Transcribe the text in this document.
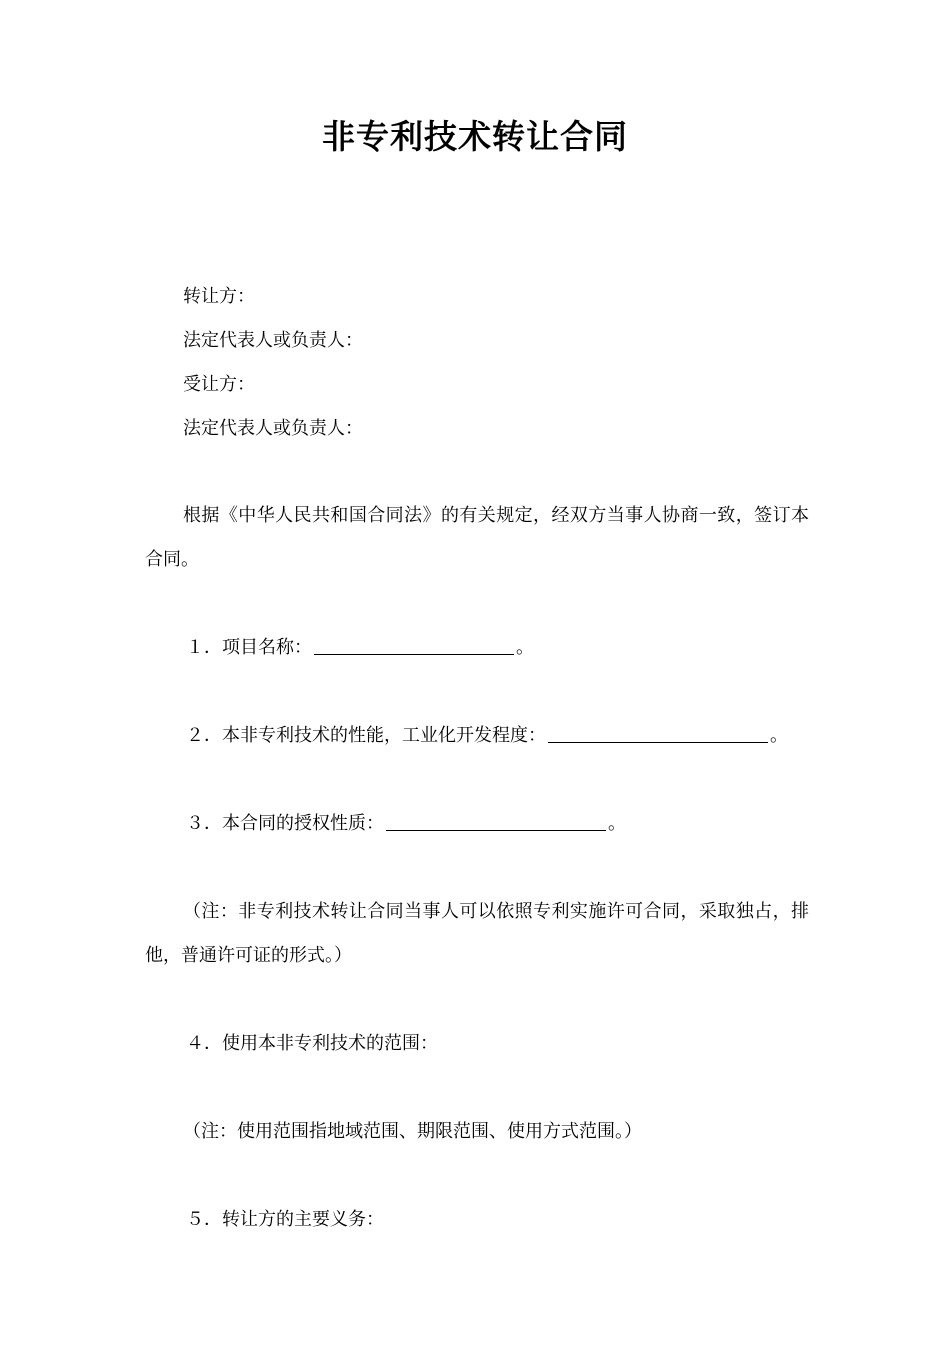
非专利技术转让合同
转让方：
法定代表人或负责人：
受让方：
法定代表人或负责人：
根据《中华人民共和国合同法》的有关规定，经双方当事人协商一致，签订本合同。
１．项目名称：	。
２．本非专利技术的性能，工业化开发程度：	。
３．本合同的授权性质：	。
（注：非专利技术转让合同当事人可以依照专利实施许可合同，采取独占，排他，普通许可证的形式。）
４．使用本非专利技术的范围：
（注：使用范围指地域范围、期限范围、使用方式范围。）
５．转让方的主要义务：
